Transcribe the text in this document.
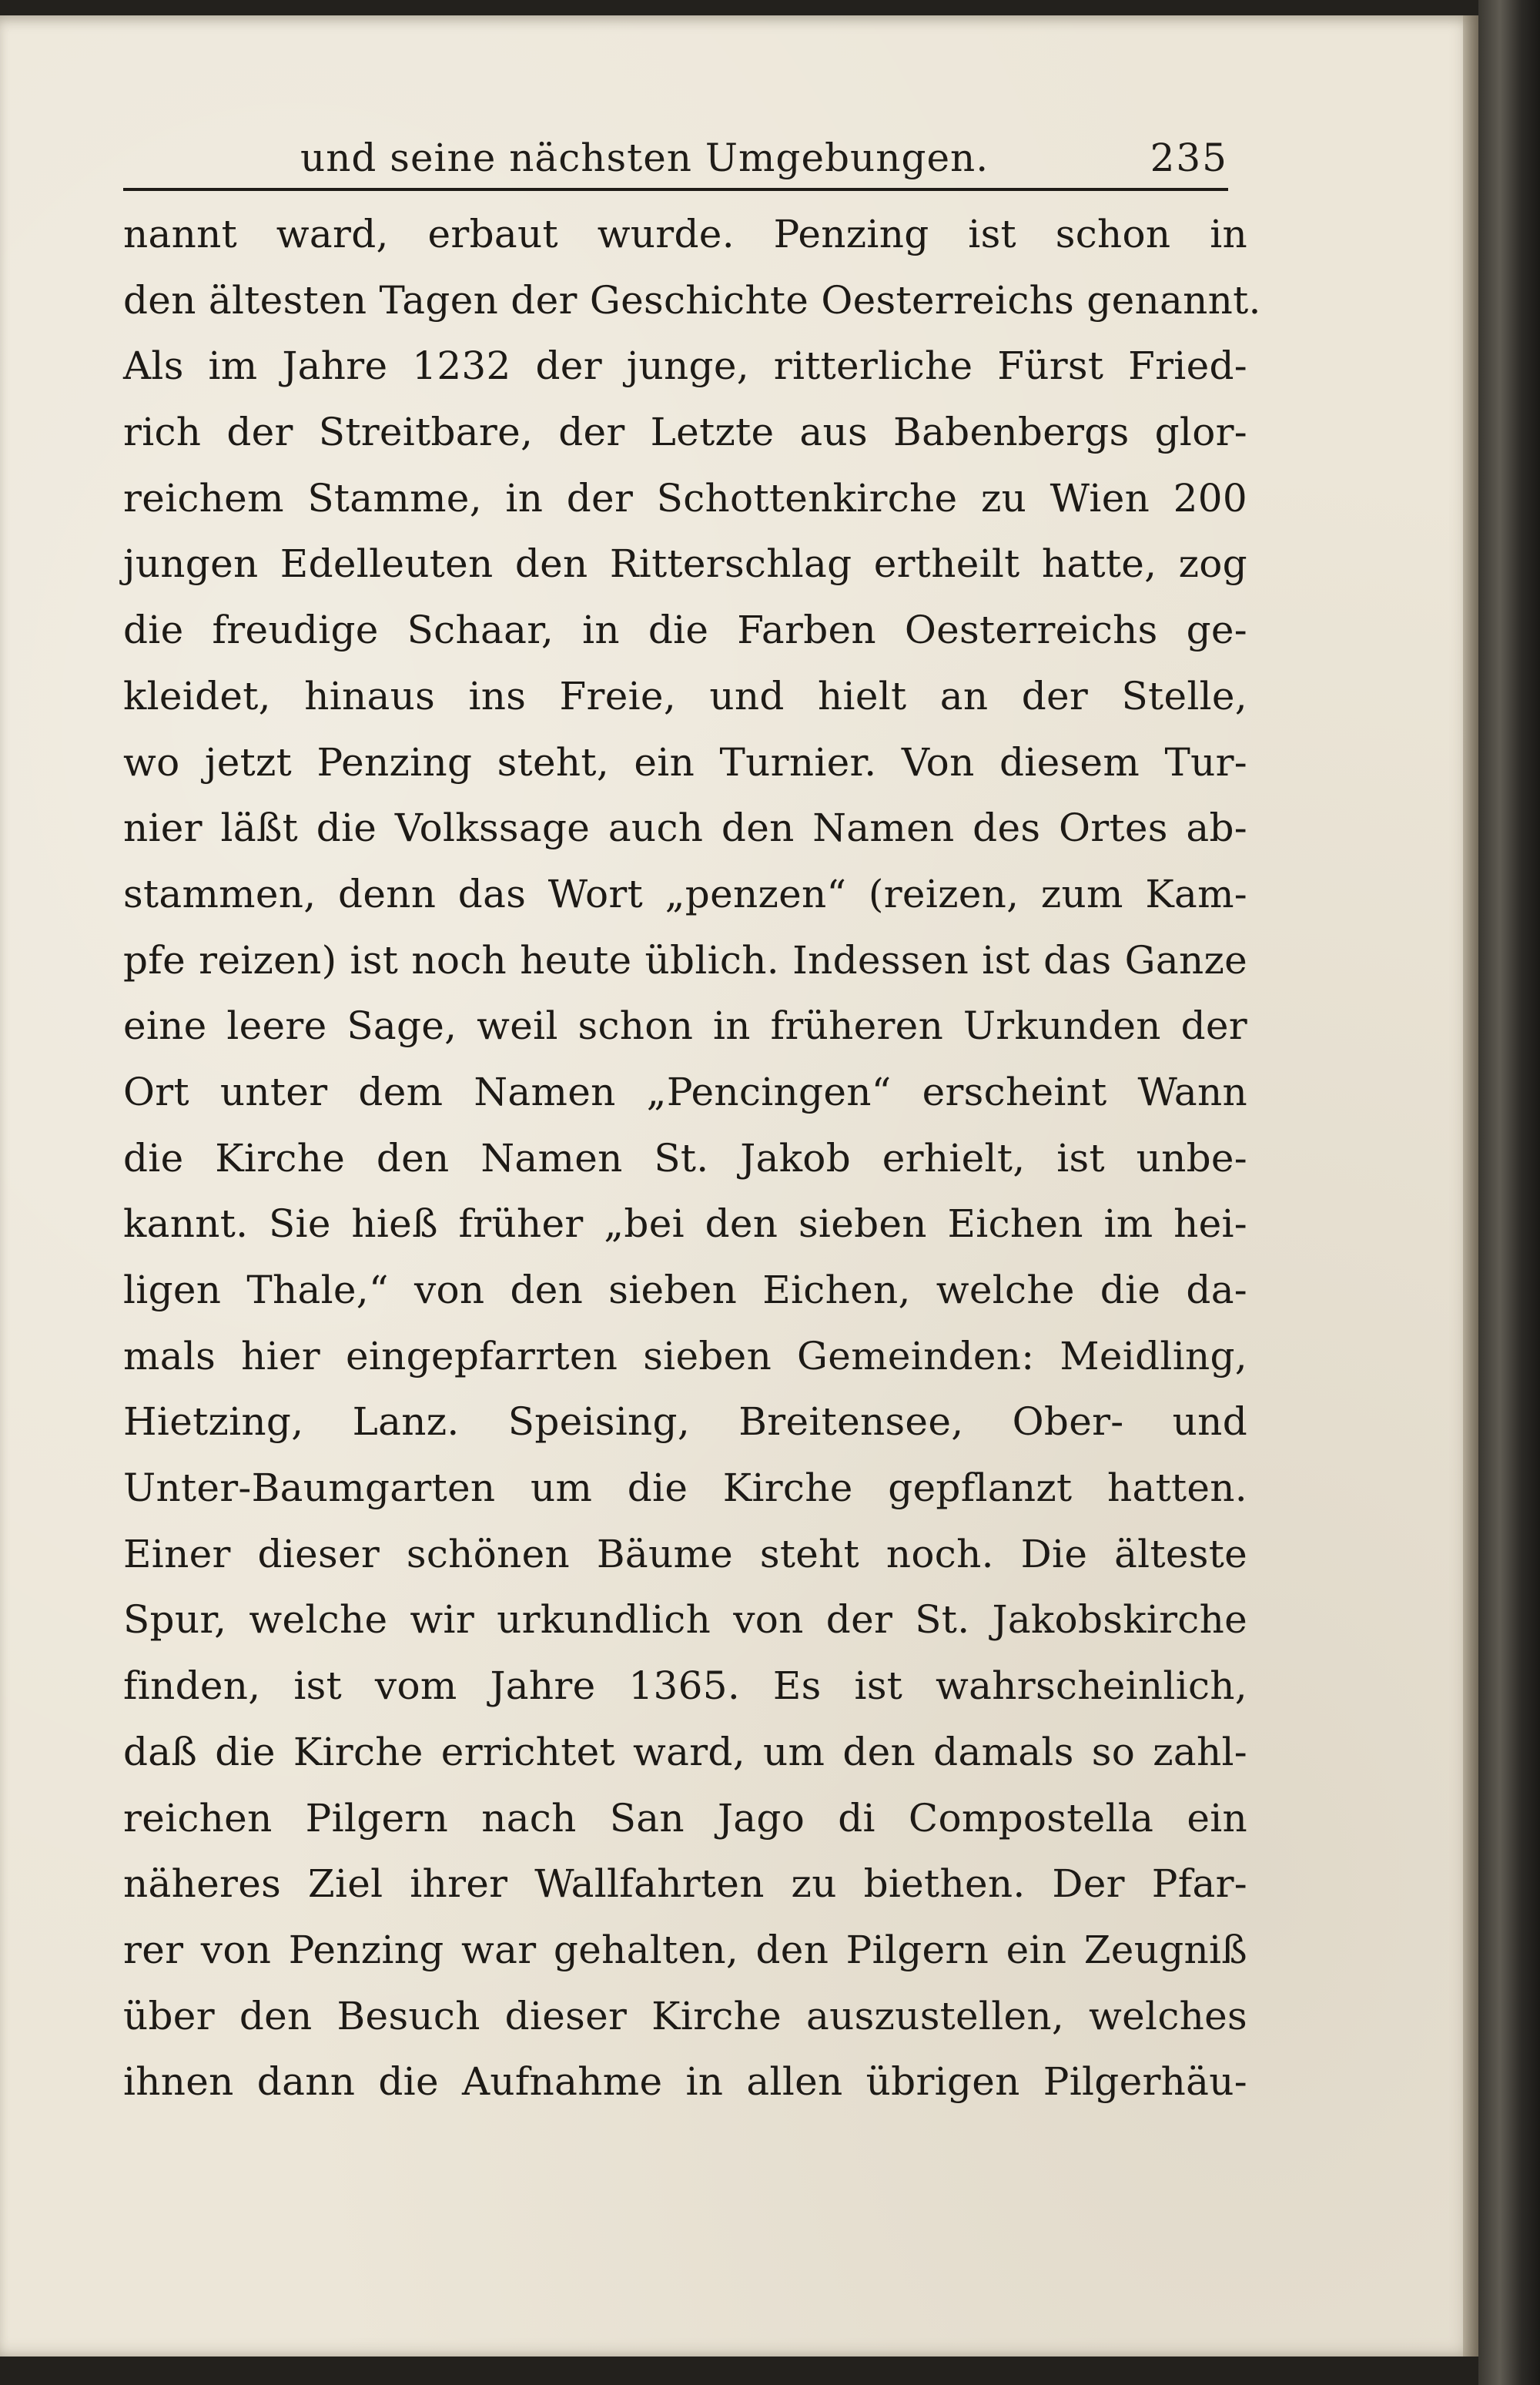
und seine nächsten Umgebungen.	235
nannt ward, erbaut wurde. Penzing ist schon in
den ältesten Tagen der Geschichte Oesterreichs genannt.
Als im Jahre 1232 der junge, ritterliche Fürst Fried-
rich der Streitbare, der Letzte aus Babenbergs glor-
reichem Stamme, in der Schottenkirche zu Wien 200
jungen Edelleuten den Ritterschlag ertheilt hatte, zog
die freudige Schaar, in die Farben Oesterreichs ge-
kleidet, hinaus ins Freie, und hielt an der Stelle,
wo jetzt Penzing steht, ein Turnier. Von diesem Tur-
nier läßt die Volkssage auch den Namen des Ortes ab-
stammen, denn das Wort „penzen“ (reizen, zum Kam-
pfe reizen) ist noch heute üblich. Indessen ist das Ganze
eine leere Sage, weil schon in früheren Urkunden der
Ort unter dem Namen „Pencingen“ erscheint Wann
die Kirche den Namen St. Jakob erhielt, ist unbe-
kannt. Sie hieß früher „bei den sieben Eichen im hei-
ligen Thale,“ von den sieben Eichen, welche die da-
mals hier eingepfarrten sieben Gemeinden: Meidling,
Hietzing, Lanz. Speising, Breitensee, Ober- und
Unter-Baumgarten um die Kirche gepflanzt hatten.
Einer dieser schönen Bäume steht noch. Die älteste
Spur, welche wir urkundlich von der St. Jakobskirche
finden, ist vom Jahre 1365. Es ist wahrscheinlich,
daß die Kirche errichtet ward, um den damals so zahl-
reichen Pilgern nach San Jago di Compostella ein
näheres Ziel ihrer Wallfahrten zu biethen. Der Pfar-
rer von Penzing war gehalten, den Pilgern ein Zeugniß
über den Besuch dieser Kirche auszustellen, welches
ihnen dann die Aufnahme in allen übrigen Pilgerhäu-
